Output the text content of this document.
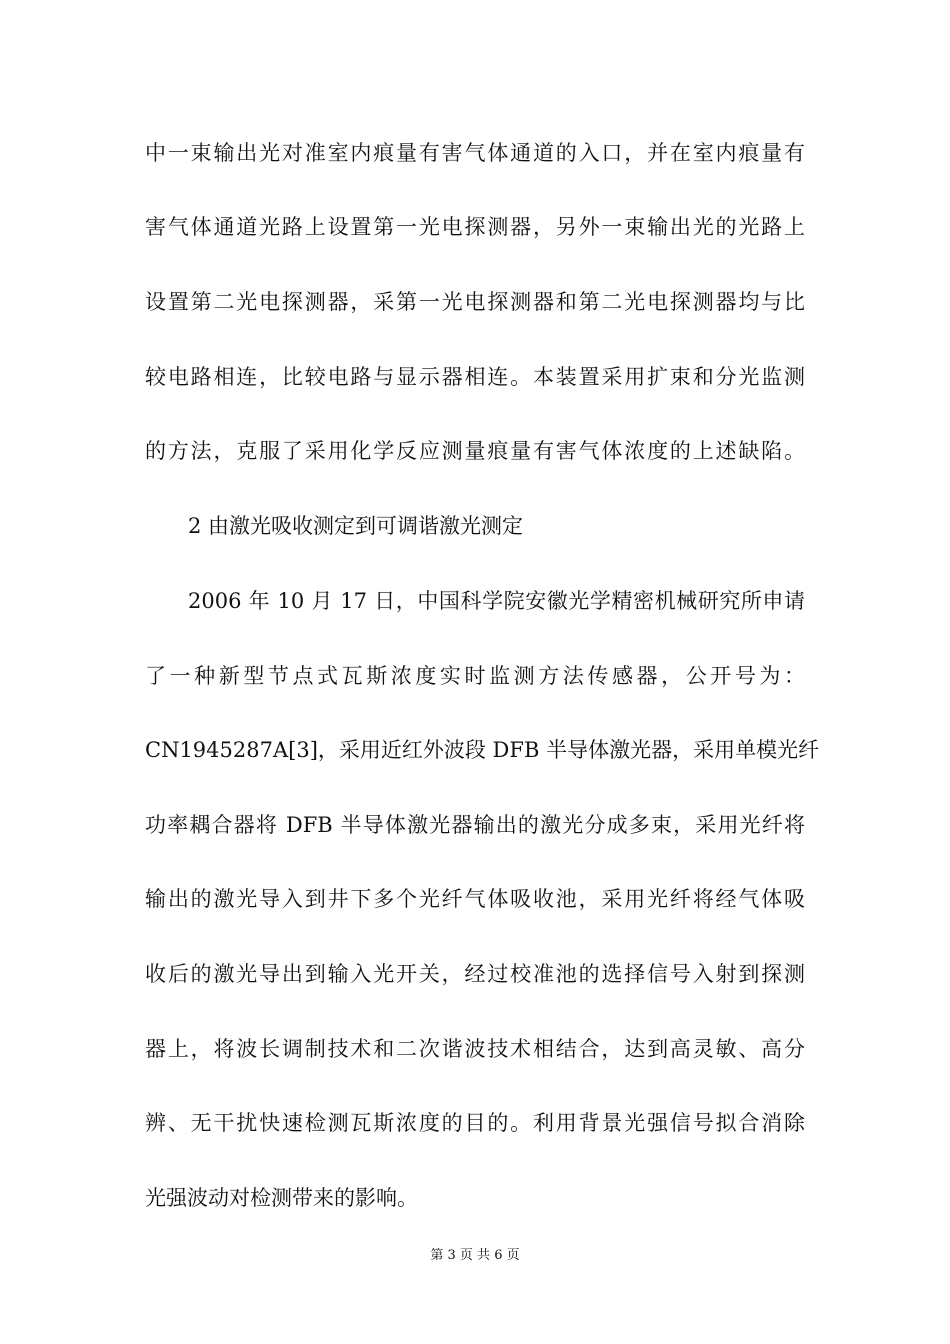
中一束输出光对准室内痕量有害气体通道的入口，并在室内痕量有
害气体通道光路上设置第一光电探测器，另外一束输出光的光路上
设置第二光电探测器，采第一光电探测器和第二光电探测器均与比
较电路相连，比较电路与显示器相连。本装置采用扩束和分光监测
的方法，克服了采用化学反应测量痕量有害气体浓度的上述缺陷。
2 由激光吸收测定到可调谐激光测定
2006 年 10 月 17 日，中国科学院安徽光学精密机械研究所申请
了一种新型节点式瓦斯浓度实时监测方法传感器，公开号为：
CN1945287A[3]，采用近红外波段 DFB 半导体激光器，采用单模光纤
功率耦合器将 DFB 半导体激光器输出的激光分成多束，采用光纤将
输出的激光导入到井下多个光纤气体吸收池，采用光纤将经气体吸
收后的激光导出到输入光开关，经过校准池的选择信号入射到探测
器上，将波长调制技术和二次谐波技术相结合，达到高灵敏、高分
辨、无干扰快速检测瓦斯浓度的目的。利用背景光强信号拟合消除
光强波动对检测带来的影响。
第 3 页 共 6 页
